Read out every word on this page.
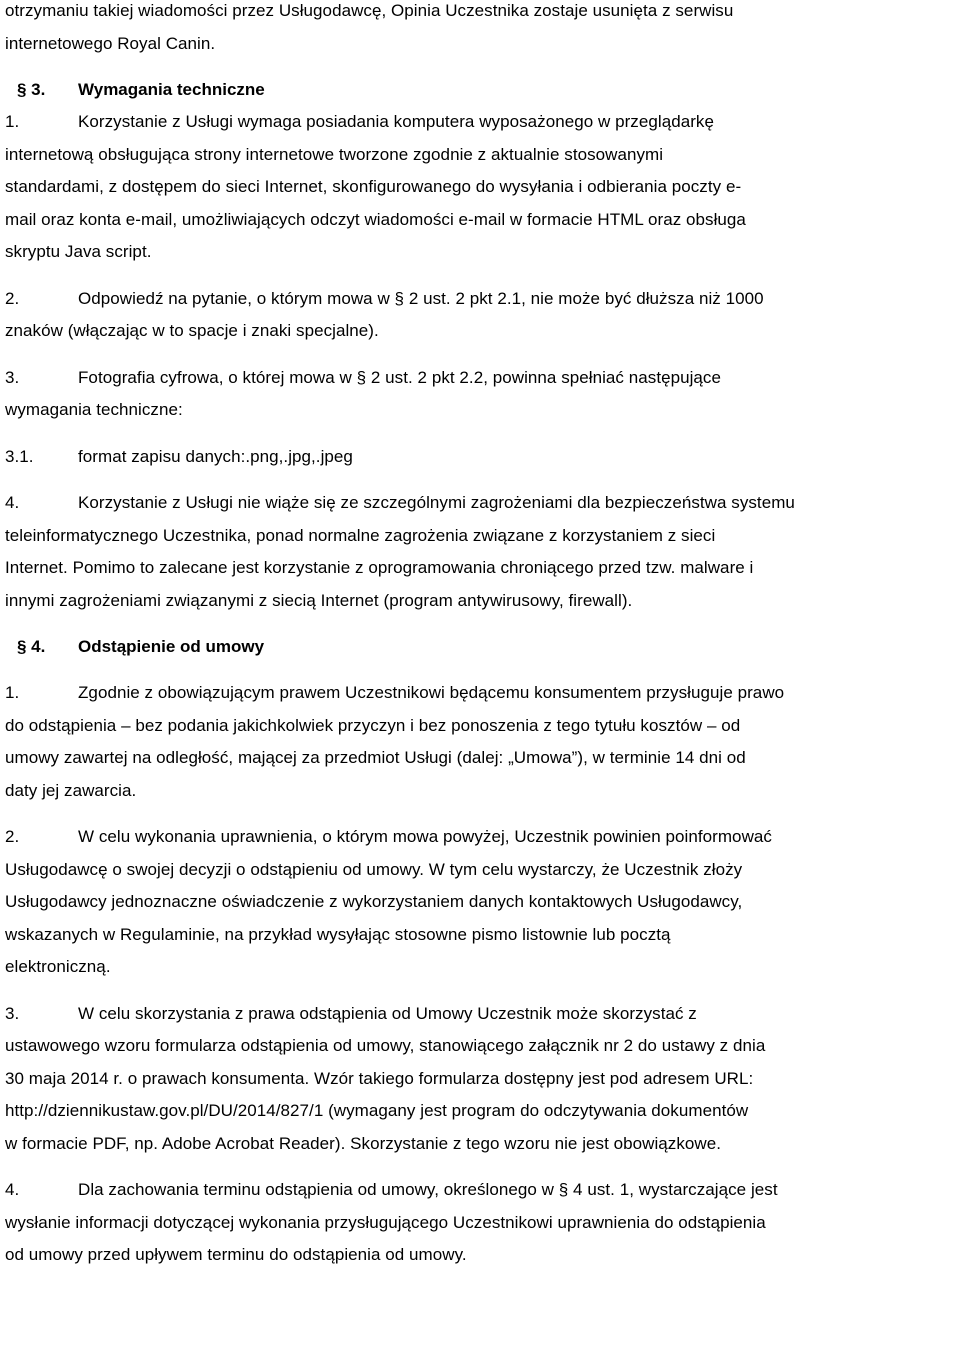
otrzymaniu takiej wiadomości przez Usługodawcę, Opinia Uczestnika zostaje usunięta z serwisu

internetowego Royal Canin.

§ 3.	Wymagania techniczne

1.	Korzystanie z Usługi wymaga posiadania komputera wyposażonego w przeglądarkę

internetową obsługująca strony internetowe tworzone zgodnie z aktualnie stosowanymi

standardami, z dostępem do sieci Internet, skonfigurowanego do wysyłania i odbierania poczty e-

mail oraz konta e-mail, umożliwiających odczyt wiadomości e-mail w formacie HTML oraz obsługa

skryptu Java script.

2.	Odpowiedź na pytanie, o którym mowa w § 2 ust. 2 pkt 2.1, nie może być dłuższa niż 1000

znaków (włączając w to spacje i znaki specjalne).

3.	Fotografia cyfrowa, o której mowa w § 2 ust. 2 pkt 2.2, powinna spełniać następujące

wymagania techniczne:

3.1.	format zapisu danych:.png,.jpg,.jpeg

4.	Korzystanie z Usługi nie wiąże się ze szczególnymi zagrożeniami dla bezpieczeństwa systemu

teleinformatycznego Uczestnika, ponad normalne zagrożenia związane z korzystaniem z sieci

Internet. Pomimo to zalecane jest korzystanie z oprogramowania chroniącego przed tzw. malware i

innymi zagrożeniami związanymi z siecią Internet (program antywirusowy, firewall).

§ 4.	Odstąpienie od umowy

1.	Zgodnie z obowiązującym prawem Uczestnikowi będącemu konsumentem przysługuje prawo

do odstąpienia – bez podania jakichkolwiek przyczyn i bez ponoszenia z tego tytułu kosztów – od

umowy zawartej na odległość, mającej za przedmiot Usługi (dalej: „Umowa”), w terminie 14 dni od

daty jej zawarcia.

2.	W celu wykonania uprawnienia, o którym mowa powyżej, Uczestnik powinien poinformować

Usługodawcę o swojej decyzji o odstąpieniu od umowy. W tym celu wystarczy, że Uczestnik złoży

Usługodawcy jednoznaczne oświadczenie z wykorzystaniem danych kontaktowych Usługodawcy,

wskazanych w Regulaminie, na przykład wysyłając stosowne pismo listownie lub pocztą

elektroniczną.

3.	W celu skorzystania z prawa odstąpienia od Umowy Uczestnik może skorzystać z

ustawowego wzoru formularza odstąpienia od umowy, stanowiącego załącznik nr 2 do ustawy z dnia

30 maja 2014 r. o prawach konsumenta. Wzór takiego formularza dostępny jest pod adresem URL:

http://dziennikustaw.gov.pl/DU/2014/827/1 (wymagany jest program do odczytywania dokumentów

w formacie PDF, np. Adobe Acrobat Reader). Skorzystanie z tego wzoru nie jest obowiązkowe.

4.	Dla zachowania terminu odstąpienia od umowy, określonego w § 4 ust. 1, wystarczające jest

wysłanie informacji dotyczącej wykonania przysługującego Uczestnikowi uprawnienia do odstąpienia

od umowy przed upływem terminu do odstąpienia od umowy.
